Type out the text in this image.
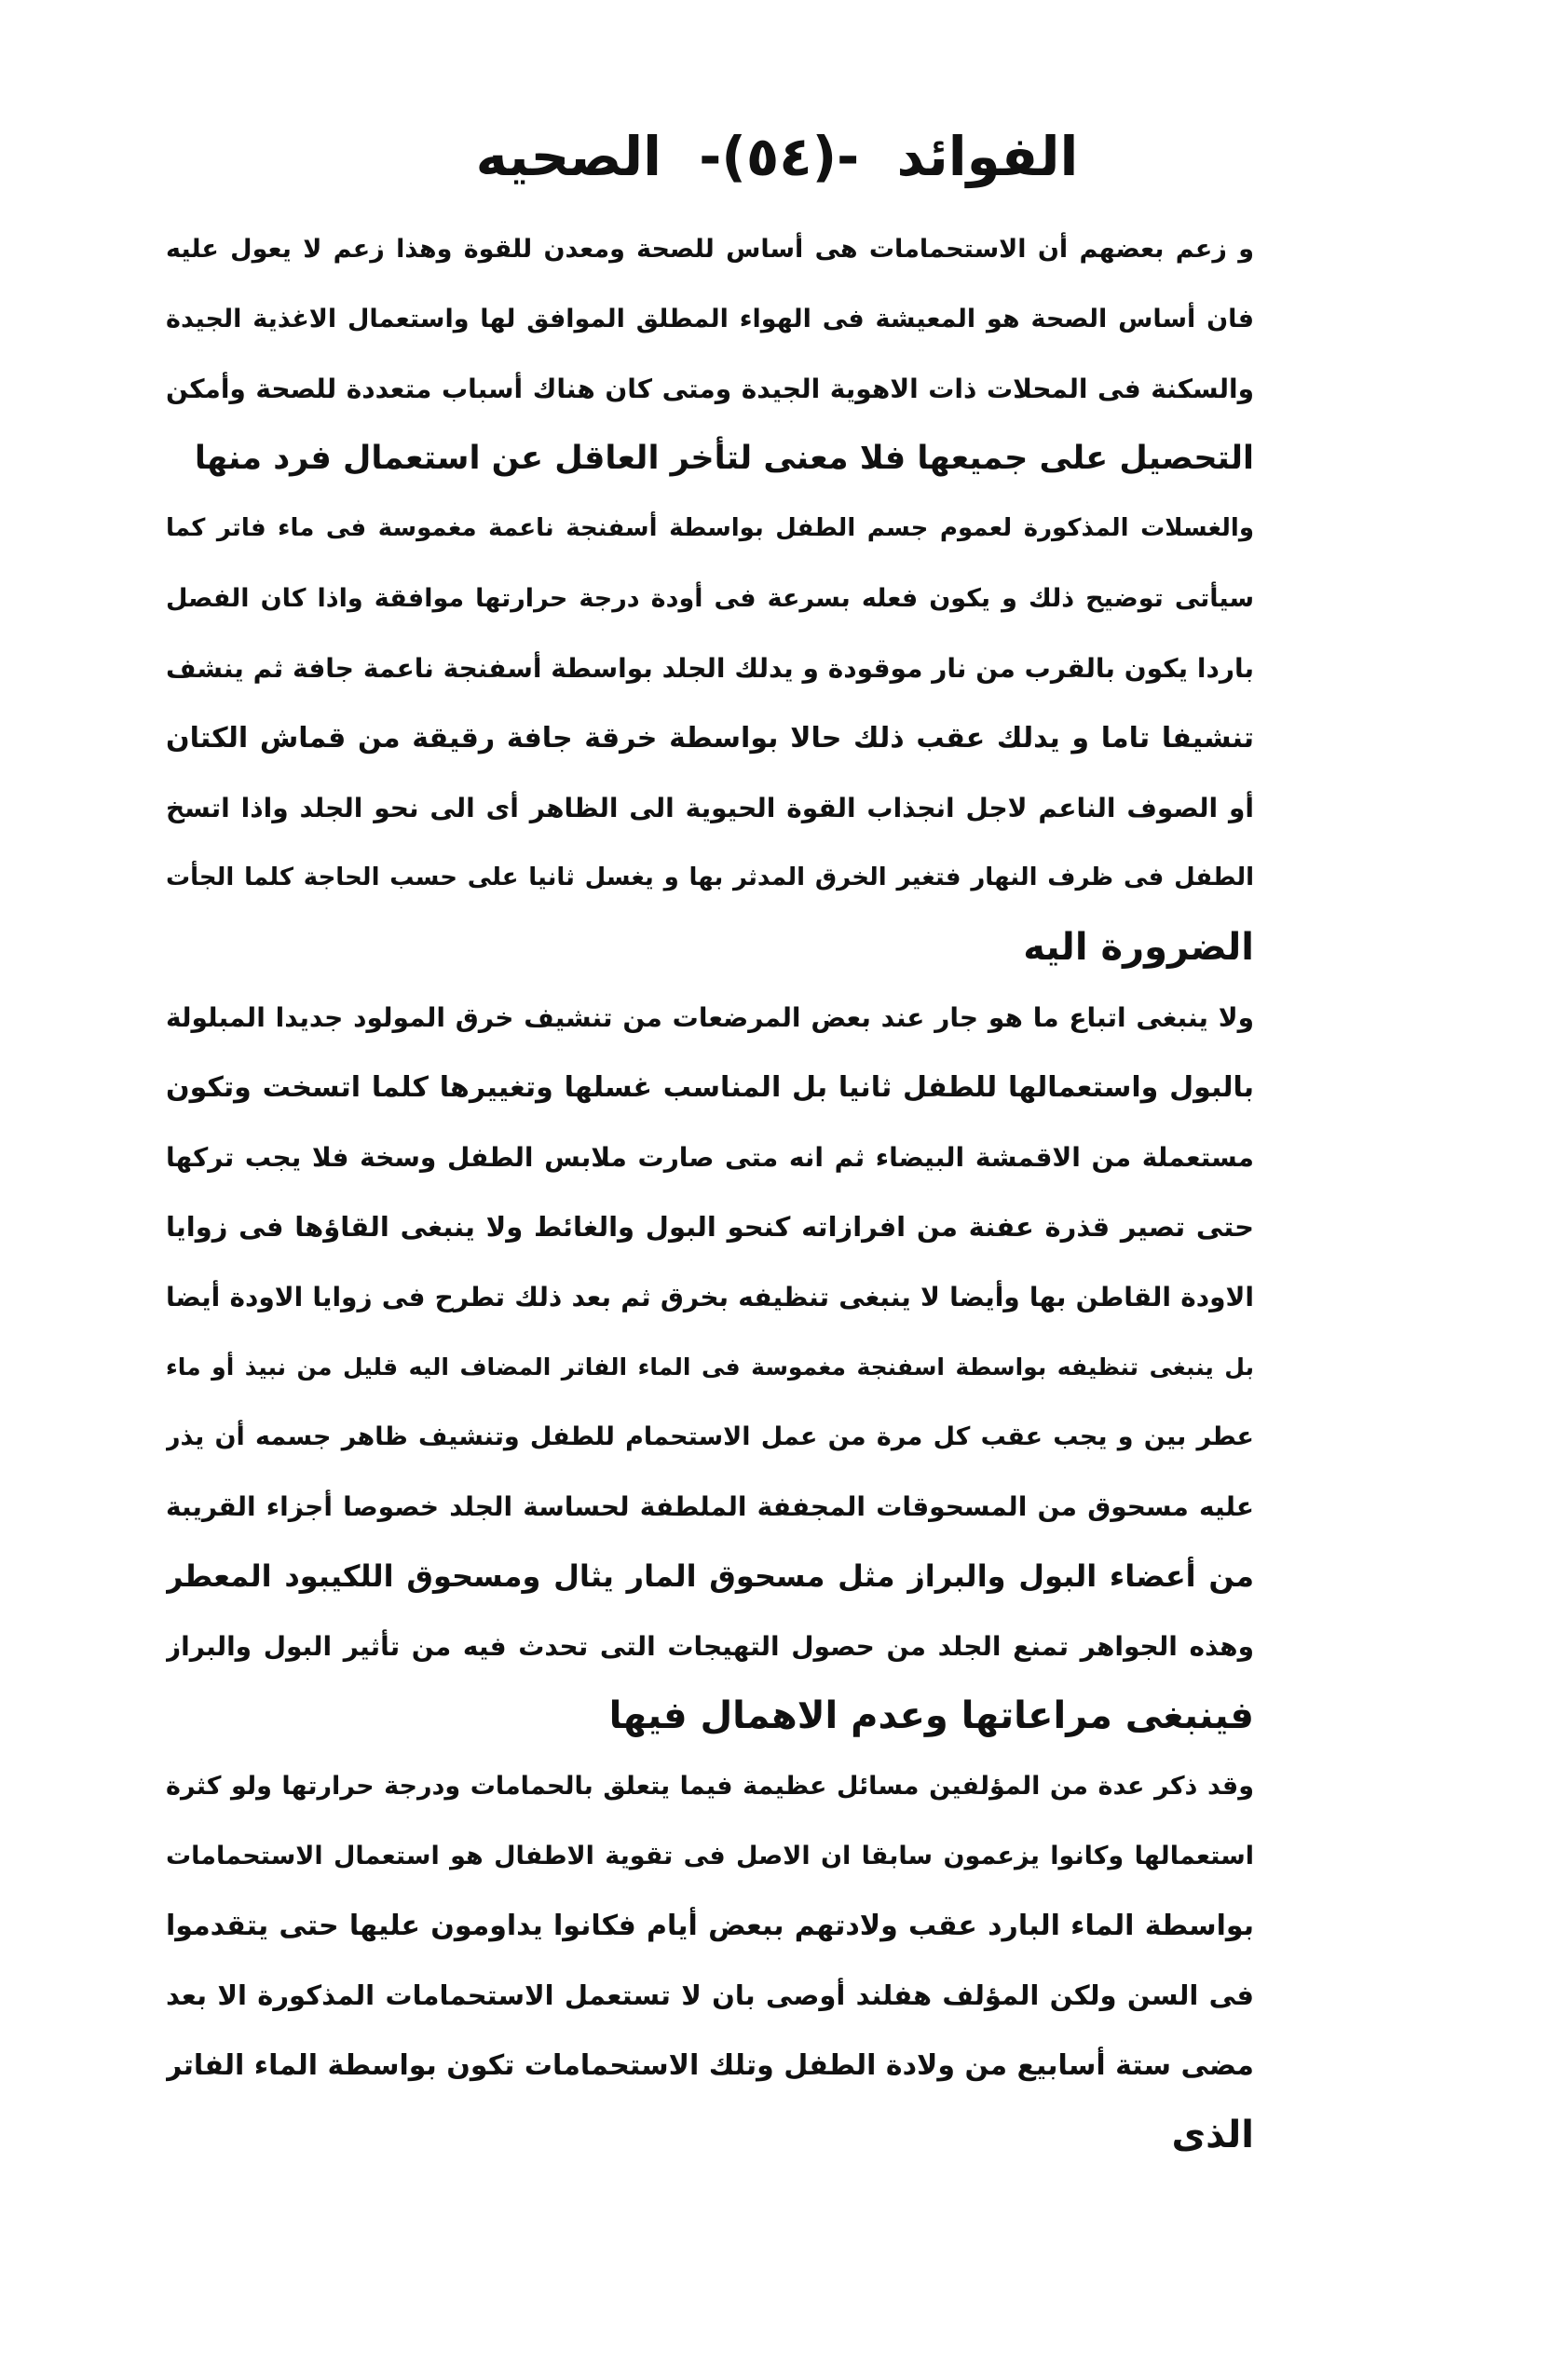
الفوائد -(٥٤)- الصحيه
و زعم بعضهم أن الاستحمامات هى أساس للصحة ومعدن للقوة وهذا زعم لا يعول عليه
فان أساس الصحة هو المعيشة فى الهواء المطلق الموافق لها واستعمال الاغذية الجيدة
والسكنة فى المحلات ذات الاهوية الجيدة ومتى كان هناك أسباب متعددة للصحة وأمكن
التحصيل على جميعها فلا معنى لتأخر العاقل عن استعمال فرد منها
والغسلات المذكورة لعموم جسم الطفل بواسطة أسفنجة ناعمة مغموسة فى ماء فاتر كما
سيأتى توضيح ذلك و يكون فعله بسرعة فى أودة درجة حرارتها موافقة واذا كان الفصل
باردا يكون بالقرب من نار موقودة و يدلك الجلد بواسطة أسفنجة ناعمة جافة ثم ينشف
تنشيفا تاما و يدلك عقب ذلك حالا بواسطة خرقة جافة رقيقة من قماش الكتان
أو الصوف الناعم لاجل انجذاب القوة الحيوية الى الظاهر أى الى نحو الجلد واذا اتسخ
الطفل فى ظرف النهار فتغير الخرق المدثر بها و يغسل ثانيا على حسب الحاجة كلما الجأت
الضرورة اليه
ولا ينبغى اتباع ما هو جار عند بعض المرضعات من تنشيف خرق المولود جديدا المبلولة
بالبول واستعمالها للطفل ثانيا بل المناسب غسلها وتغييرها كلما اتسخت وتكون
مستعملة من الاقمشة البيضاء ثم انه متى صارت ملابس الطفل وسخة فلا يجب تركها
حتى تصير قذرة عفنة من افرازاته كنحو البول والغائط ولا ينبغى القاؤها فى زوايا
الاودة القاطن بها وأيضا لا ينبغى تنظيفه بخرق ثم بعد ذلك تطرح فى زوايا الاودة أيضا
بل ينبغى تنظيفه بواسطة اسفنجة مغموسة فى الماء الفاتر المضاف اليه قليل من نبيذ أو ماء
عطر بين و يجب عقب كل مرة من عمل الاستحمام للطفل وتنشيف ظاهر جسمه أن يذر
عليه مسحوق من المسحوقات المجففة الملطفة لحساسة الجلد خصوصا أجزاء القريبة
من أعضاء البول والبراز مثل مسحوق المار يثال ومسحوق اللكيبود المعطر
وهذه الجواهر تمنع الجلد من حصول التهيجات التى تحدث فيه من تأثير البول والبراز
فينبغى مراعاتها وعدم الاهمال فيها
وقد ذكر عدة من المؤلفين مسائل عظيمة فيما يتعلق بالحمامات ودرجة حرارتها ولو كثرة
استعمالها وكانوا يزعمون سابقا ان الاصل فى تقوية الاطفال هو استعمال الاستحمامات
بواسطة الماء البارد عقب ولادتهم ببعض أيام فكانوا يداومون عليها حتى يتقدموا
فى السن ولكن المؤلف هفلند أوصى بان لا تستعمل الاستحمامات المذكورة الا بعد
مضى ستة أسابيع من ولادة الطفل وتلك الاستحمامات تكون بواسطة الماء الفاتر
الذى
